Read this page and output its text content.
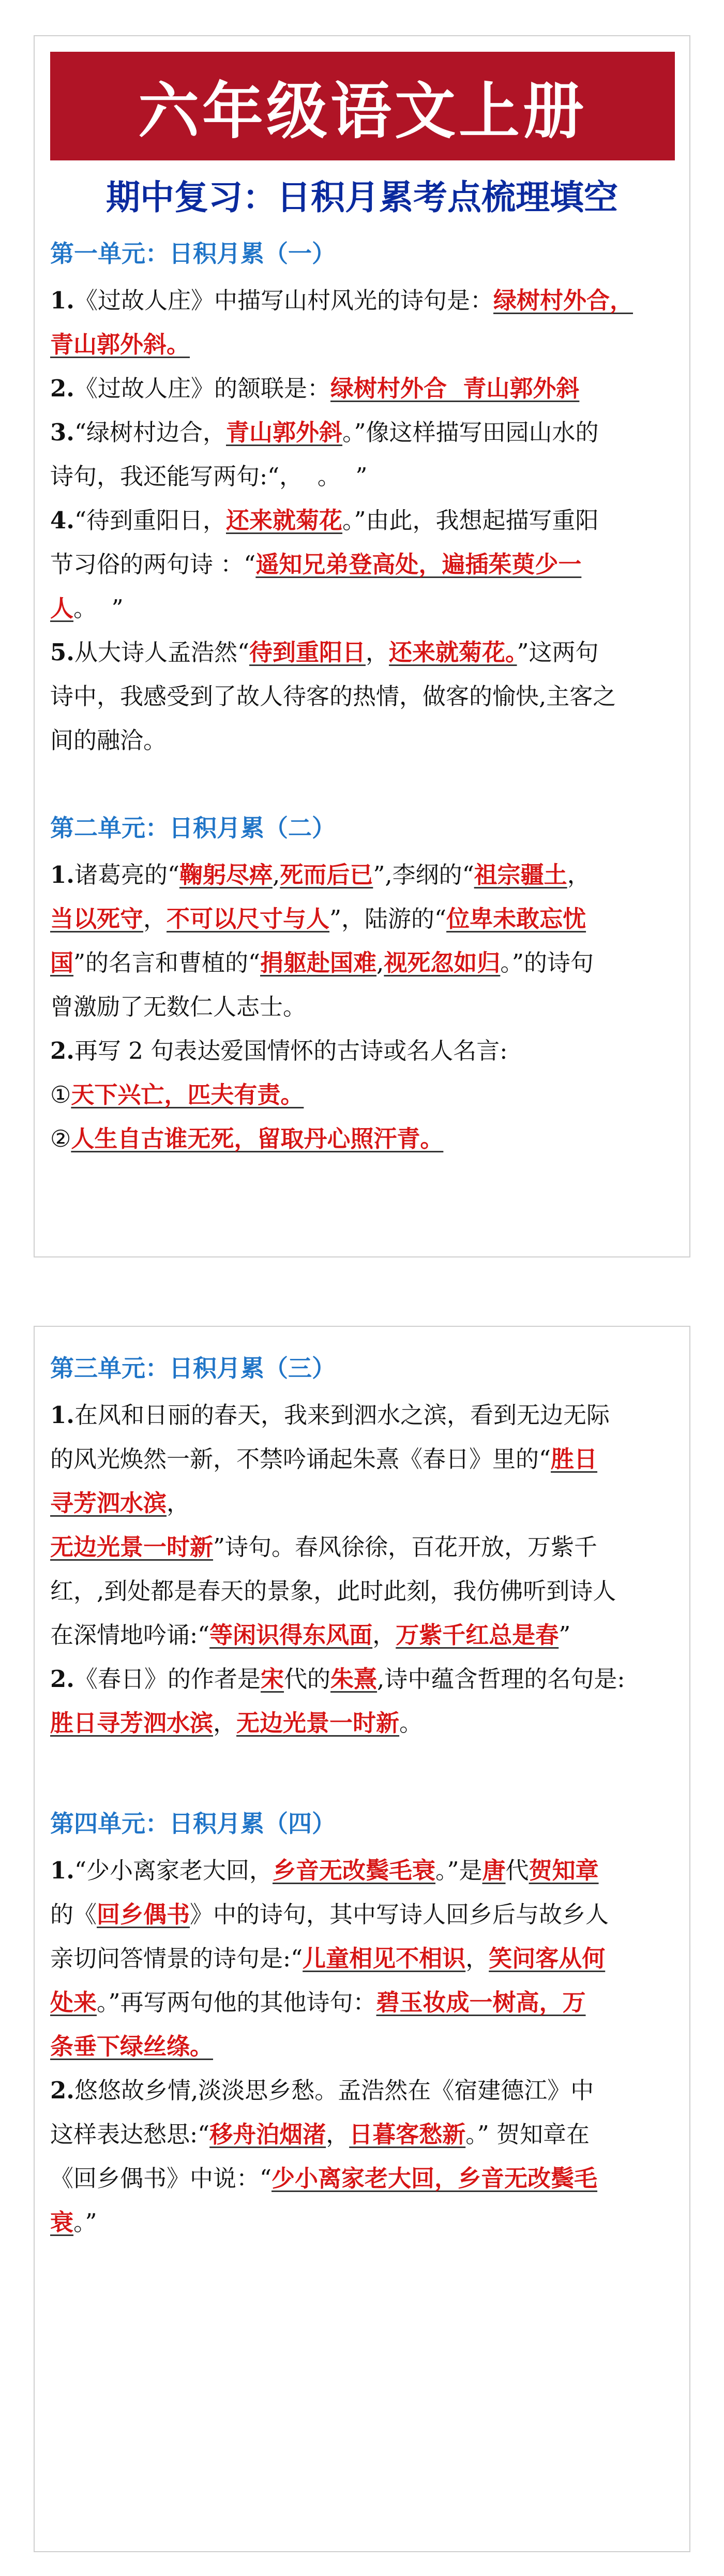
六年级语文上册
期中复习：日积月累考点梳理填空
第一单元：日积月累（一）
1.《过故人庄》中描写山村风光的诗句是：绿树村外合，
青山郭外斜。
2.《过故人庄》的颔联是：绿树村外合  青山郭外斜
3.“绿树村边合，青山郭外斜。”像这样描写田园山水的
诗句，我还能写两句:“，  。  ”
4.“待到重阳日，还来就菊花。”由此，我想起描写重阳
节习俗的两句诗 ：“遥知兄弟登高处，遍插茱萸少一
人。  ”
5.从大诗人孟浩然“待到重阳日，还来就菊花。”这两句
诗中，我感受到了故人待客的热情，做客的愉快,主客之
间的融洽。
第二单元：日积月累（二）
1.诸葛亮的“鞠躬尽瘁,死而后已”,李纲的“祖宗疆土，
当以死守，不可以尺寸与人”，陆游的“位卑未敢忘忧
国”的名言和曹植的“捐躯赴国难,视死忽如归。”的诗句
曾激励了无数仁人志士。
2.再写 2 句表达爱国情怀的古诗或名人名言:
①天下兴亡，匹夫有责。
②人生自古谁无死，留取丹心照汗青。
第三单元：日积月累（三）
1.在风和日丽的春天，我来到泗水之滨，看到无边无际
的风光焕然一新，不禁吟诵起朱熹《春日》里的“胜日
寻芳泗水滨，
无边光景一时新”诗句。春风徐徐，百花开放，万紫千
红，,到处都是春天的景象，此时此刻，我仿佛听到诗人
在深情地吟诵:“等闲识得东风面，万紫千红总是春”
2.《春日》的作者是宋代的朱熹,诗中蕴含哲理的名句是:
胜日寻芳泗水滨，无边光景一时新。
第四单元：日积月累（四）
1.“少小离家老大回，乡音无改鬓毛衰。”是唐代贺知章
的《回乡偶书》中的诗句，其中写诗人回乡后与故乡人
亲切问答情景的诗句是:“儿童相见不相识，笑问客从何
处来。”再写两句他的其他诗句：碧玉妆成一树高，万
条垂下绿丝绦。
2.悠悠故乡情,淡淡思乡愁。孟浩然在《宿建德江》中
这样表达愁思:“移舟泊烟渚，日暮客愁新。” 贺知章在
《回乡偶书》中说：“少小离家老大回，乡音无改鬓毛
衰。”
